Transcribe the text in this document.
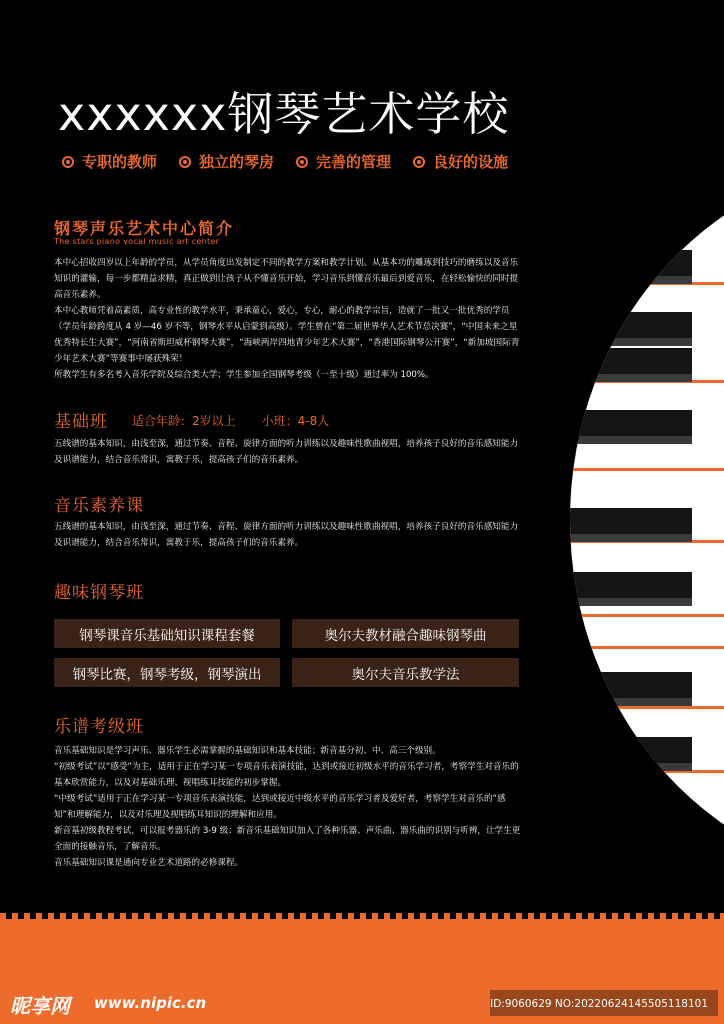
xxxxxx钢琴艺术学校
专职的教师	独立的琴房	完善的管理	良好的设施
钢琴声乐艺术中心简介
The stars piano vocal music art center

本中心招收四岁以上年龄的学员，从学员角度出发制定不同的教学方案和教学计划。从基本功的雕琢到技巧的磨练以及音乐知识的灌输，每一步都精益求精，真正做到让孩子从不懂音乐开始，学习音乐到懂音乐最后到爱音乐，在轻松愉快的同时提高音乐素养。

本中心教师凭着高素质，高专业性的教学水平，秉承童心，爱心，专心，耐心的教学宗旨，造就了一批又一批优秀的学员（学员年龄跨度从 4 岁—46 岁不等，钢琴水平从启蒙到高级）。学生曾在“第二届世界华人艺术节总决赛”，“中国未来之星优秀特长生大赛”，“河南省斯坦威杯钢琴大赛”，“海峡两岸四地青少年艺术大赛”，“香港国际钢琴公开赛”，“新加坡国际青少年艺术大赛”等赛事中屡获殊荣！

所教学生有多名考入音乐学院及综合类大学；学生参加全国钢琴考级（一至十级）通过率为 100%。

基础班 适合年龄：2岁以上 小班：4-8人

五线谱的基本知识，由浅至深，通过节奏、音程、旋律方面的听力训练以及趣味性歌曲视唱，培养孩子良好的音乐感知能力及识谱能力，结合音乐常识，寓教于乐，提高孩子们的音乐素养。

音乐素养课

五线谱的基本知识，由浅至深，通过节奏、音程、旋律方面的听力训练以及趣味性歌曲视唱，培养孩子良好的音乐感知能力及识谱能力，结合音乐常识，寓教于乐，提高孩子们的音乐素养。

趣味钢琴班
钢琴课音乐基础知识课程套餐	奥尔夫教材融合趣味钢琴曲
钢琴比赛，钢琴考级，钢琴演出	奥尔夫音乐教学法
乐谱考级班

音乐基础知识是学习声乐、器乐学生必需掌握的基础知识和基本技能；新音基分初、中、高三个级别。

“初级考试”以“感受”为主，适用于正在学习某一专项音乐表演技能，达到或接近初级水平的音乐学习者，考察学生对音乐的基本欣赏能力，以及对基础乐理、视唱练耳技能的初步掌握。

“中级考试”适用于正在学习某一专项音乐表演技能，达到或接近中级水平的音乐学习者及爱好者，考察学生对音乐的“感知”和理解能力，以及对乐理及视唱练耳知识的理解和应用。

新音基初级教程考试，可以报考器乐的 3-9 级；新音乐基础知识加入了各种乐器、声乐曲、器乐曲的识别与听辨，让学生更全面的接触音乐，了解音乐。

音乐基础知识课是通向专业艺术道路的必修课程。

昵享网 www.nipic.cn	ID:9060629 NO:20220624145505118101
